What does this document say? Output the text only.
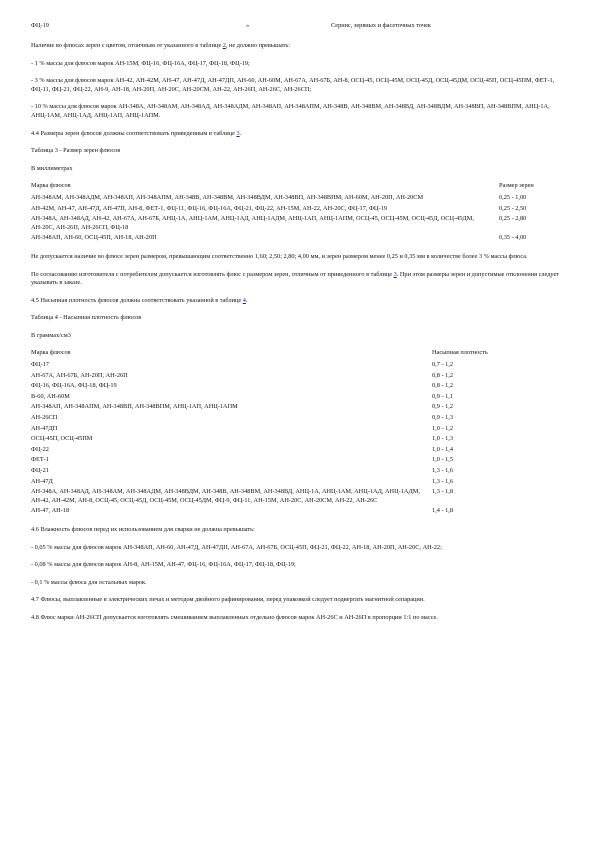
ФЦ-19	»	Сернис, зервных и фасеточных точек

Наличие во флюсах зерен с цветом, отличным от указанного в таблице 2, не должно превышать:

- 1 % массы для флюсов марок АН-15М, ФЦ-16, ФЦ-16А, ФЦ-17, ФЦ-18, ФЦ-19;

- 3 % массы для флюсов марок АН-42, АН-42М, АН-47, АН-47Д, АН-47ДП, АН-60, АН-60М, АН-67А, АН-67Б, АН-8, ОСЦ-45, ОСЦ-45М, ОСЦ-45Д, ОСЦ-45ДМ, ОСЦ-45П, ОСЦ-45ПМ, ФЕТ-1, ФЦ-11, ФЦ-21, ФЦ-22, АН-9, АН-18, АН-20П, АН-20С, АН-20СМ, АН-22, АН-26П, АН-26С, АН-26СП;

- 10 % массы для флюсов марок АН-348А, АН-348АМ, АН-348АД, АН-348АДМ, АН-348АП, АН-348АПМ, АН-348В, АН-348ВМ, АН-348ВД, АН-348ВДМ, АН-348ВП, АН-348ВПМ, АНЦ-1А, АНЦ-1АМ, АНЦ-1АД, АНЦ-1АП, АНЦ-1АПМ.

4.4 Размеры зерен флюсов должны соответствовать приведенным в таблице 3.

Таблица 3 - Размер зерен флюсов

В миллиметрах

Марка флюсов	Размер зерен
АН-348АМ, АН-348АДМ, АН-348АП, АН-348АПМ, АН-348В, АН-348ВМ, АН-348ВДМ, АН-348ВП, АН-348ВПМ, АН-60М, АН-20П, АН-20СМ	0,25 - 1,00
АН-42М, АН-47, АН-47Д, АН-47П, АН-8, ФЕТ-1, ФЦ-11, ФЦ-16, ФЦ-16А, ФЦ-21, ФЦ-22, АН-15М, АН-22, АН-20С, ФЦ-17, ФЦ-19	0,25 - 2,50
АН-348А, АН-348АД, АН-42, АН-67А, АН-67Б, АНЦ-1А, АНЦ-1АМ, АНЦ-1АД, АНЦ-1АДМ, АНЦ-1АП, АНЦ-1АПМ, ОСЦ-45, ОСЦ-45М, ОСЦ-45Д, ОСЦ-45ДМ, АН-20С, АН-26П, АН-26СП, ФЦ-18	0,25 - 2,80
АН-348АП, АН-60, ОСЦ-45П, АН-18, АН-20П	0,35 - 4,00

Не допускается наличие во флюсе зерен размером, превышающим соответственно 1,60; 2,50; 2,80; 4,00 мм, и зерен размером менее 0,25 и 0,35 мм в количестве более 3 % массы флюса.

По согласованию изготовителя с потребителем допускается изготовлять флюс с размером зерен, отличным от приведенного в таблице 3. При этом размеры зерен и допустимые отклонения следует указывать в заказе.

4.5 Насыпная плотность флюсов должна соответствовать указанной в таблице 4.

Таблица 4 - Насыпная плотность флюсов

В граммах/см3

Марка флюсов	Насыпная плотность
ФЦ-17	0,7 - 1,2
АН-67А, АН-67Б, АН-20П, АН-26П	0,8 - 1,2
ФЦ-16, ФЦ-16А, ФЦ-18, ФЦ-19	0,8 - 1,2
В-60, АН-60М	0,9 - 1,1
АН-348АП, АН-348АПМ, АН-348ВП, АН-348ВПМ, АНЦ-1АП, АНЦ-1АПМ	0,9 - 1,2
АН-26СП	0,9 - 1,3
АН-47ДП	1,0 - 1,2
ОСЦ-45П, ОСЦ-45ПМ	1,0 - 1,3
ФЦ-22	1,0 - 1,4
ФЕТ-1	1,0 - 1,5
ФЦ-21	1,3 - 1,6
АН-47Д	1,3 - 1,6
АН-348А, АН-348АД, АН-348АМ, АН-348АДМ, АН-348ВДМ, АН-348В, АН-348ВМ, АН-348ВД, АНЦ-1А, АНЦ-1АМ, АНЦ-1АД, АНЦ-1АДМ, АН-42, АН-42М, АН-8, ОСЦ-45, ОСЦ-45Д, ОСЦ-45М, ОСЦ-45ДМ, ФЦ-9, ФЦ-11, АН-15М, АН-20С, АН-20СМ, АН-22, АН-26С	1,3 - 1,8
АН-47, АН-18	1,4 - 1,8

4.6 Влажность флюсов перед их использованием для сварки не должна превышать:

- 0,05 % массы для флюсов марок АН-348АП, АН-60, АН-47Д, АН-47ДП, АН-67А, АН-67Б, ОСЦ-45П, ФЦ-21, ФЦ-22, АН-18, АН-20П, АН-20С, АН-22;

- 0,08 % массы для флюсов марок АН-8, АН-15М, АН-47, ФЦ-16, ФЦ-16А, ФЦ-17, ФЦ-18, ФЦ-19;

- 0,1 % массы флюса для остальных марок.

4.7 Флюсы, выплавленные в электрических печах и методом двойного рафинирования, перед упаковкой следует подвергать магнитной сепарации.

4.8 Флюс марки АН-26СП допускается изготовлять смешиванием выплавленных отдельно флюсов марок АН-26С и АН-26П в пропорции 1:1 по массе.
